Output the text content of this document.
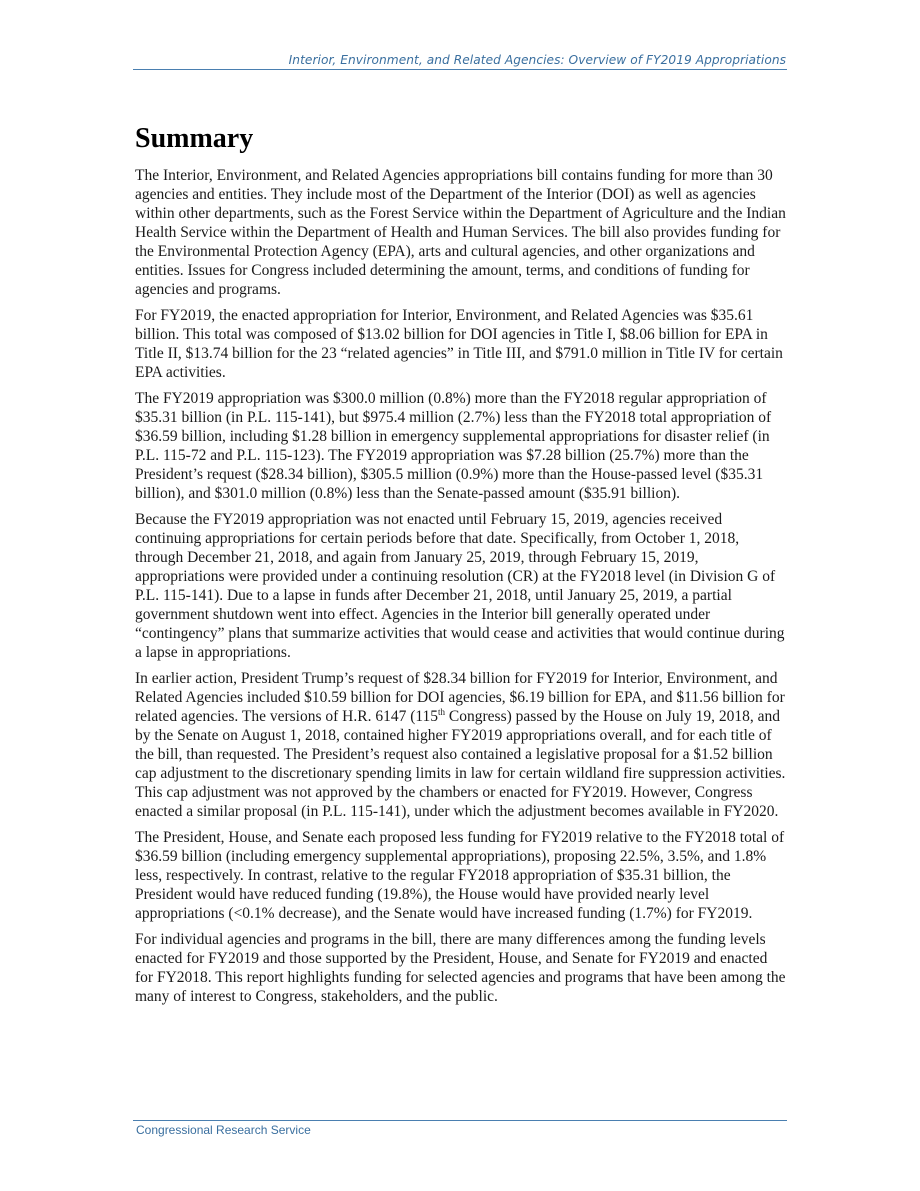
Interior, Environment, and Related Agencies: Overview of FY2019 Appropriations
Summary

The Interior, Environment, and Related Agencies appropriations bill contains funding for more than 30 agencies and entities. They include most of the Department of the Interior (DOI) as well as agencies within other departments, such as the Forest Service within the Department of Agriculture and the Indian Health Service within the Department of Health and Human Services. The bill also provides funding for the Environmental Protection Agency (EPA), arts and cultural agencies, and other organizations and entities. Issues for Congress included determining the amount, terms, and conditions of funding for agencies and programs.

For FY2019, the enacted appropriation for Interior, Environment, and Related Agencies was $35.61 billion. This total was composed of $13.02 billion for DOI agencies in Title I, $8.06 billion for EPA in Title II, $13.74 billion for the 23 “related agencies” in Title III, and $791.0 million in Title IV for certain EPA activities.

The FY2019 appropriation was $300.0 million (0.8%) more than the FY2018 regular appropriation of $35.31 billion (in P.L. 115-141), but $975.4 million (2.7%) less than the FY2018 total appropriation of $36.59 billion, including $1.28 billion in emergency supplemental appropriations for disaster relief (in P.L. 115-72 and P.L. 115-123). The FY2019 appropriation was $7.28 billion (25.7%) more than the President’s request ($28.34 billion), $305.5 million (0.9%) more than the House-passed level ($35.31 billion), and $301.0 million (0.8%) less than the Senate-passed amount ($35.91 billion).

Because the FY2019 appropriation was not enacted until February 15, 2019, agencies received continuing appropriations for certain periods before that date. Specifically, from October 1, 2018, through December 21, 2018, and again from January 25, 2019, through February 15, 2019, appropriations were provided under a continuing resolution (CR) at the FY2018 level (in Division G of P.L. 115-141). Due to a lapse in funds after December 21, 2018, until January 25, 2019, a partial government shutdown went into effect. Agencies in the Interior bill generally operated under “contingency” plans that summarize activities that would cease and activities that would continue during a lapse in appropriations.

In earlier action, President Trump’s request of $28.34 billion for FY2019 for Interior, Environment, and Related Agencies included $10.59 billion for DOI agencies, $6.19 billion for EPA, and $11.56 billion for related agencies. The versions of H.R. 6147 (115th Congress) passed by the House on July 19, 2018, and by the Senate on August 1, 2018, contained higher FY2019 appropriations overall, and for each title of the bill, than requested. The President’s request also contained a legislative proposal for a $1.52 billion cap adjustment to the discretionary spending limits in law for certain wildland fire suppression activities. This cap adjustment was not approved by the chambers or enacted for FY2019. However, Congress enacted a similar proposal (in P.L. 115-141), under which the adjustment becomes available in FY2020.

The President, House, and Senate each proposed less funding for FY2019 relative to the FY2018 total of $36.59 billion (including emergency supplemental appropriations), proposing 22.5%, 3.5%, and 1.8% less, respectively. In contrast, relative to the regular FY2018 appropriation of $35.31 billion, the President would have reduced funding (19.8%), the House would have provided nearly level appropriations (<0.1% decrease), and the Senate would have increased funding (1.7%) for FY2019.

For individual agencies and programs in the bill, there are many differences among the funding levels enacted for FY2019 and those supported by the President, House, and Senate for FY2019 and enacted for FY2018. This report highlights funding for selected agencies and programs that have been among the many of interest to Congress, stakeholders, and the public.

Congressional Research Service
